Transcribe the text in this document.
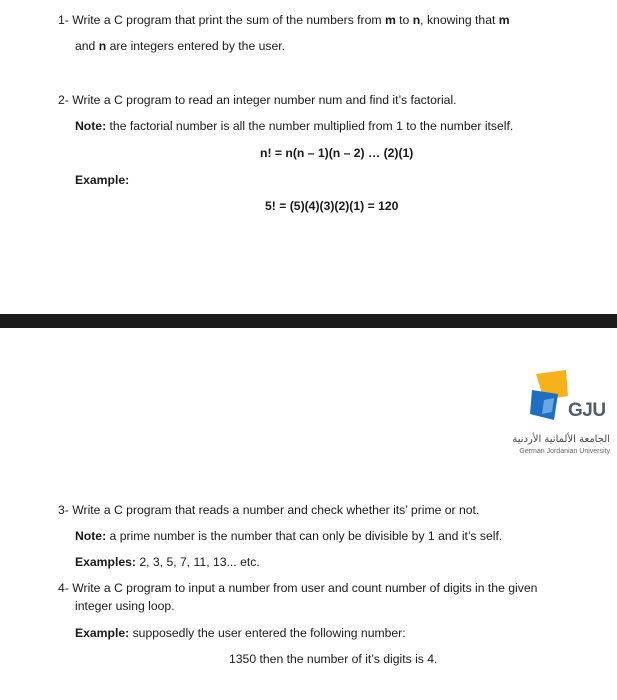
1- Write a C program that print the sum of the numbers from m to n, knowing that m
and n are integers entered by the user.
2- Write a C program to read an integer number num and find it’s factorial.
Note: the factorial number is all the number multiplied from 1 to the number itself.
n! = n(n – 1)(n – 2) … (2)(1)
Example:
5! = (5)(4)(3)(2)(1) = 120
GJU
الجامعة الألمانية الأردنية
German Jordanian University
3- Write a C program that reads a number and check whether its’ prime or not.
Note: a prime number is the number that can only be divisible by 1 and it’s self.
Examples: 2, 3, 5, 7, 11, 13... etc.
4- Write a C program to input a number from user and count number of digits in the given
integer using loop.
Example: supposedly the user entered the following number:
1350 then the number of it’s digits is 4.
